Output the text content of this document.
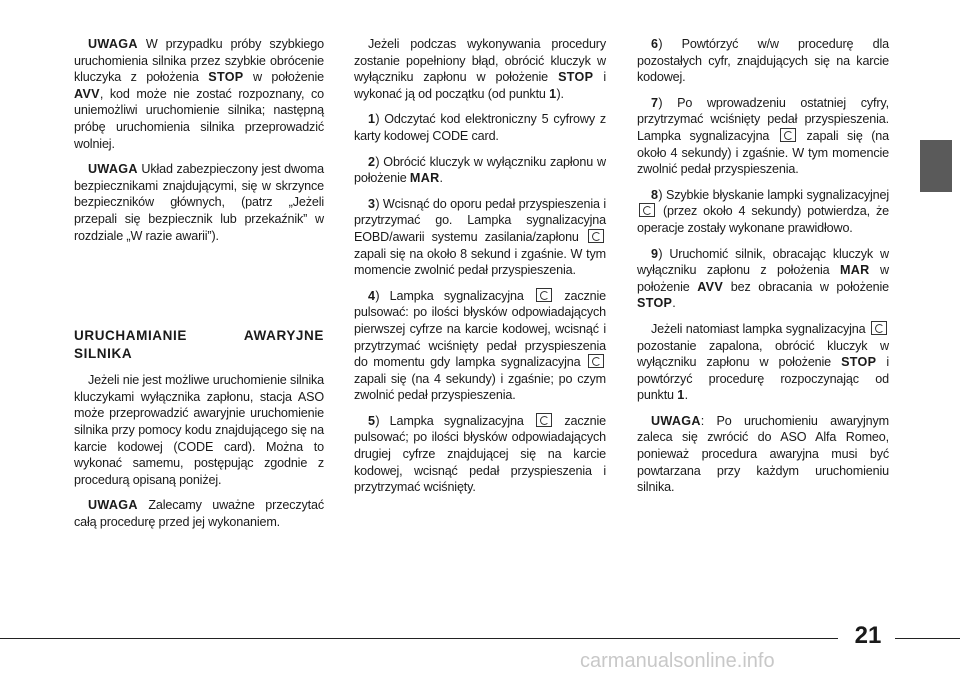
UWAGA W przypadku próby szybkiego uruchomienia silnika przez szybkie obrócenie kluczyka z położenia STOP w położenie AVV, kod może nie zostać rozpoznany, co uniemożliwi uruchomienie silnika; następną próbę uruchomienia silnika przeprowadzić wolniej.

UWAGA Układ zabezpieczony jest dwoma bezpiecznikami znajdującymi, się w skrzynce bezpieczników głównych, (patrz „Jeżeli przepali się bezpiecznik lub przekaźnik” w rozdziale „W razie awarii”).

URUCHAMIANIE AWARYJNE SILNIKA

Jeżeli nie jest możliwe uruchomienie silnika kluczykami wyłącznika zapłonu, stacja ASO może przeprowadzić awaryjnie uruchomienie silnika przy pomocy kodu znajdującego się na karcie kodowej (CODE card). Można to wykonać samemu, postępując zgodnie z procedurą opisaną poniżej.

UWAGA Zalecamy uważne przeczytać całą procedurę przed jej wykonaniem.

Jeżeli podczas wykonywania procedury zostanie popełniony błąd, obrócić kluczyk w wyłączniku zapłonu w położenie STOP i wykonać ją od początku (od punktu 1).

1) Odczytać kod elektroniczny 5 cyfrowy z karty kodowej CODE card.

2) Obrócić kluczyk w wyłączniku zapłonu w położenie MAR.

3) Wcisnąć do oporu pedał przyspieszenia i przytrzymać go. Lampka sygnalizacyjna EOBD/awarii systemu zasilania/zapłonu  zapali się na około 8 sekund i zgaśnie. W tym momencie zwolnić pedał przyspieszenia.

4) Lampka sygnalizacyjna  zacznie pulsować: po ilości błysków odpowiadających pierwszej cyfrze na karcie kodowej, wcisnąć i przytrzymać wciśnięty pedał przyspieszenia do momentu gdy lampka sygnalizacyjna  zapali się (na 4 sekundy) i zgaśnie; po czym zwolnić pedał przyspieszenia.

5) Lampka sygnalizacyjna  zacznie pulsować; po ilości błysków odpowiadających drugiej cyfrze znajdującej się na karcie kodowej, wcisnąć pedał przyspieszenia i przytrzymać wciśnięty.

6) Powtórzyć w/w procedurę dla pozostałych cyfr, znajdujących się na karcie kodowej.

7) Po wprowadzeniu ostatniej cyfry, przytrzymać wciśnięty pedał przyspieszenia. Lampka sygnalizacyjna  zapali się (na około 4 sekundy) i zgaśnie. W tym momencie zwolnić pedał przyspieszenia.

8) Szybkie błyskanie lampki sygnalizacyjnej  (przez około 4 sekundy) potwierdza, że operacje zostały wykonane prawidłowo.

9) Uruchomić silnik, obracając kluczyk w wyłączniku zapłonu z położenia MAR w położenie AVV bez obracania w położenie STOP.

Jeżeli natomiast lampka sygnalizacyjna  pozostanie zapalona, obrócić kluczyk w wyłączniku zapłonu w położenie STOP i powtórzyć procedurę rozpoczynając od punktu 1.

UWAGA: Po uruchomieniu awaryjnym zaleca się zwrócić do ASO Alfa Romeo, ponieważ procedura awaryjna musi być powtarzana przy każdym uruchomieniu silnika.

21
carmanualsonline.info
